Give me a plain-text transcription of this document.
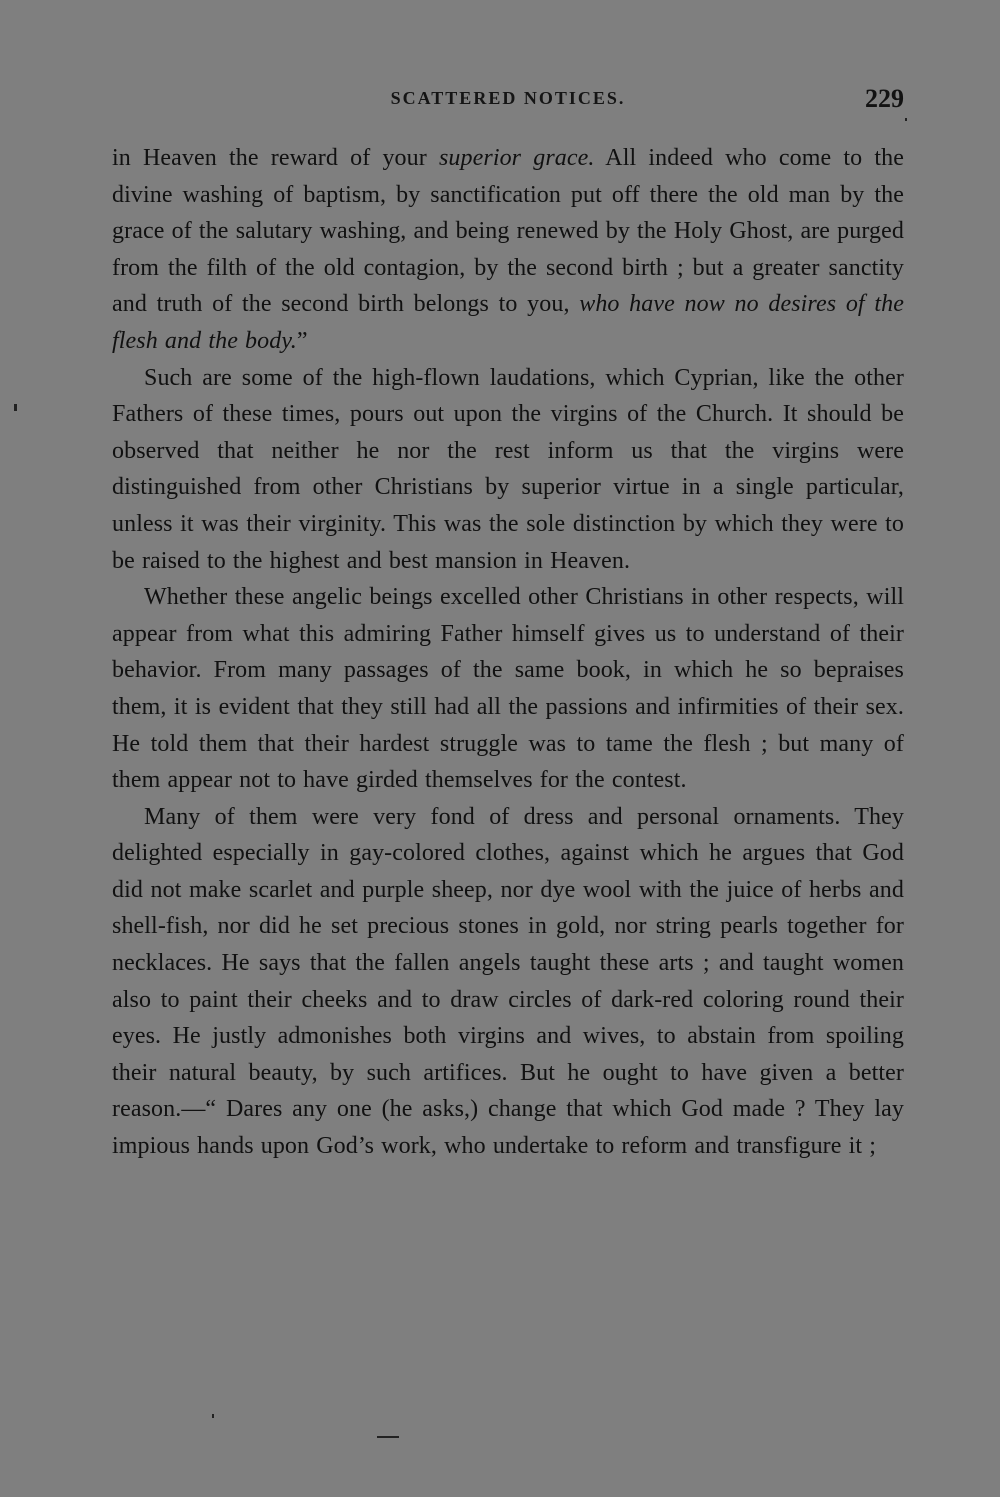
SCATTERED NOTICES.	229

in Heaven the reward of your superior grace. All indeed who come to the divine washing of baptism, by sanctification put off there the old man by the grace of the salutary washing, and being renewed by the Holy Ghost, are purged from the filth of the old contagion, by the second birth ; but a greater sanctity and truth of the second birth belongs to you, who have now no desires of the flesh and the body.”

Such are some of the high-flown laudations, which Cyprian, like the other Fathers of these times, pours out upon the virgins of the Church. It should be observed that neither he nor the rest inform us that the virgins were distinguished from other Christians by superior virtue in a single particular, unless it was their virginity. This was the sole distinction by which they were to be raised to the highest and best mansion in Heaven.

Whether these angelic beings excelled other Christians in other respects, will appear from what this admiring Father himself gives us to understand of their behavior. From many passages of the same book, in which he so bepraises them, it is evident that they still had all the passions and infirmities of their sex. He told them that their hardest struggle was to tame the flesh ; but many of them appear not to have girded themselves for the contest.

Many of them were very fond of dress and personal ornaments. They delighted especially in gay-colored clothes, against which he argues that God did not make scarlet and purple sheep, nor dye wool with the juice of herbs and shell-fish, nor did he set precious stones in gold, nor string pearls together for necklaces. He says that the fallen angels taught these arts ; and taught women also to paint their cheeks and to draw circles of dark-red coloring round their eyes. He justly admonishes both virgins and wives, to abstain from spoiling their natural beauty, by such artifices. But he ought to have given a better reason.—“ Dares any one (he asks,) change that which God made ? They lay impious hands upon God’s work, who undertake to reform and transfigure it ;
